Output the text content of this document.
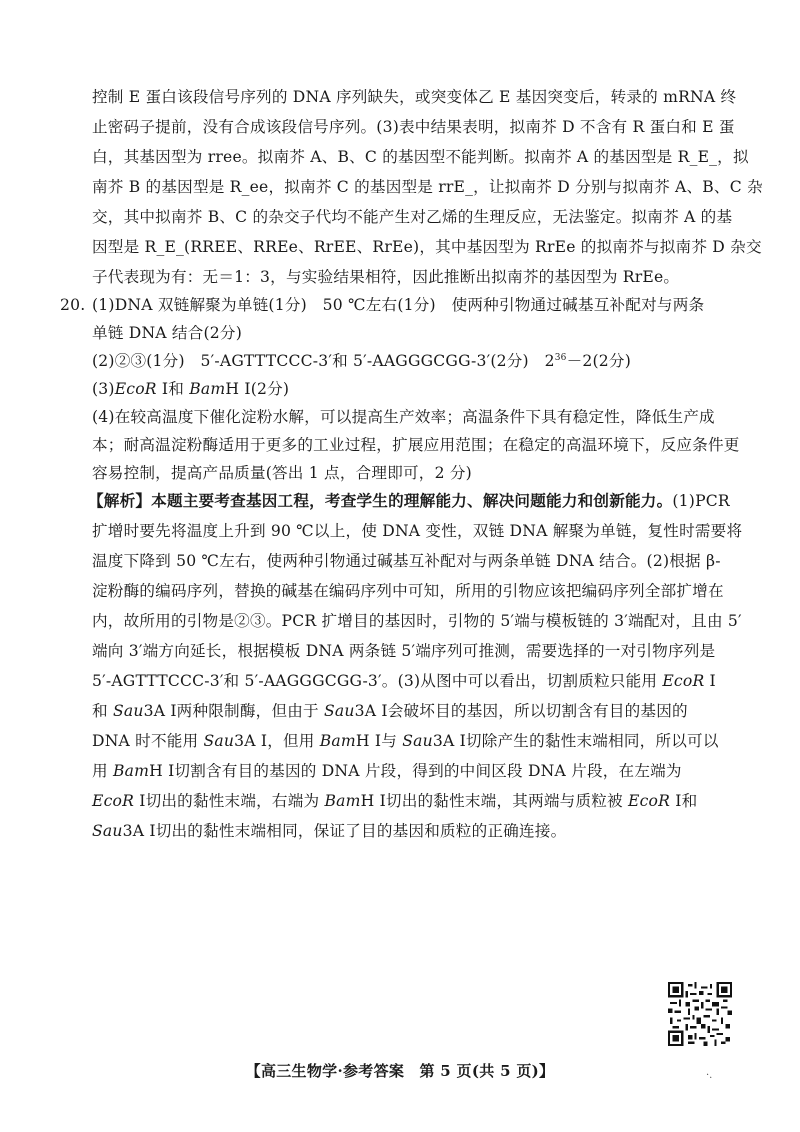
控制 E 蛋白该段信号序列的 DNA 序列缺失，或突变体乙 E 基因突变后，转录的 mRNA 终
止密码子提前，没有合成该段信号序列。(3)表中结果表明，拟南芥 D 不含有 R 蛋白和 E 蛋
白，其基因型为 rree。拟南芥 A、B、C 的基因型不能判断。拟南芥 A 的基因型是 R_E_，拟
南芥 B 的基因型是 R_ee，拟南芥 C 的基因型是 rrE_，让拟南芥 D 分别与拟南芥 A、B、C 杂
交，其中拟南芥 B、C 的杂交子代均不能产生对乙烯的生理反应，无法鉴定。拟南芥 A 的基
因型是 R_E_(RREE、RREe、RrEE、RrEe)，其中基因型为 RrEe 的拟南芥与拟南芥 D 杂交
子代表现为有：无＝1：3，与实验结果相符，因此推断出拟南芥的基因型为 RrEe。
20. (1)DNA 双链解聚为单链(1分)　50 ℃左右(1分)　使两种引物通过碱基互补配对与两条
单链 DNA 结合(2分)
(2)②③(1分)　5′-AGTTTCCC-3′和 5′-AAGGGCGG-3′(2分)　$2^{36}-2(2$分)
(3)EcoR Ⅰ和 BamH Ⅰ(2分)
(4)在较高温度下催化淀粉水解，可以提高生产效率；高温条件下具有稳定性，降低生产成
本；耐高温淀粉酶适用于更多的工业过程，扩展应用范围；在稳定的高温环境下，反应条件更
容易控制，提高产品质量(答出 1 点，合理即可，2 分)
【解析】本题主要考查基因工程，考查学生的理解能力、解决问题能力和创新能力。(1)PCR
扩增时要先将温度上升到 90 ℃以上，使 DNA 变性，双链 DNA 解聚为单链，复性时需要将
温度下降到 50 ℃左右，使两种引物通过碱基互补配对与两条单链 DNA 结合。(2)根据 β-
淀粉酶的编码序列，替换的碱基在编码序列中可知，所用的引物应该把编码序列全部扩增在
内，故所用的引物是②③。PCR 扩增目的基因时，引物的 5′端与模板链的 3′端配对，且由 5′
端向 3′端方向延长，根据模板 DNA 两条链 5′端序列可推测，需要选择的一对引物序列是
5′-AGTTTCCC-3′和 5′-AAGGGCGG-3′。(3)从图中可以看出，切割质粒只能用 EcoR Ⅰ
和 Sau3A Ⅰ两种限制酶，但由于 Sau3A Ⅰ会破坏目的基因，所以切割含有目的基因的
DNA 时不能用 Sau3A Ⅰ，但用 BamH Ⅰ与 Sau3A Ⅰ切除产生的黏性末端相同，所以可以
用 BamH Ⅰ切割含有目的基因的 DNA 片段，得到的中间区段 DNA 片段，在左端为
EcoR Ⅰ切出的黏性末端，右端为 BamH Ⅰ切出的黏性末端，其两端与质粒被 EcoR Ⅰ和
Sau3A Ⅰ切出的黏性末端相同，保证了目的基因和质粒的正确连接。
【高三生物学·参考答案　第 5 页(共 5 页)】	·.
